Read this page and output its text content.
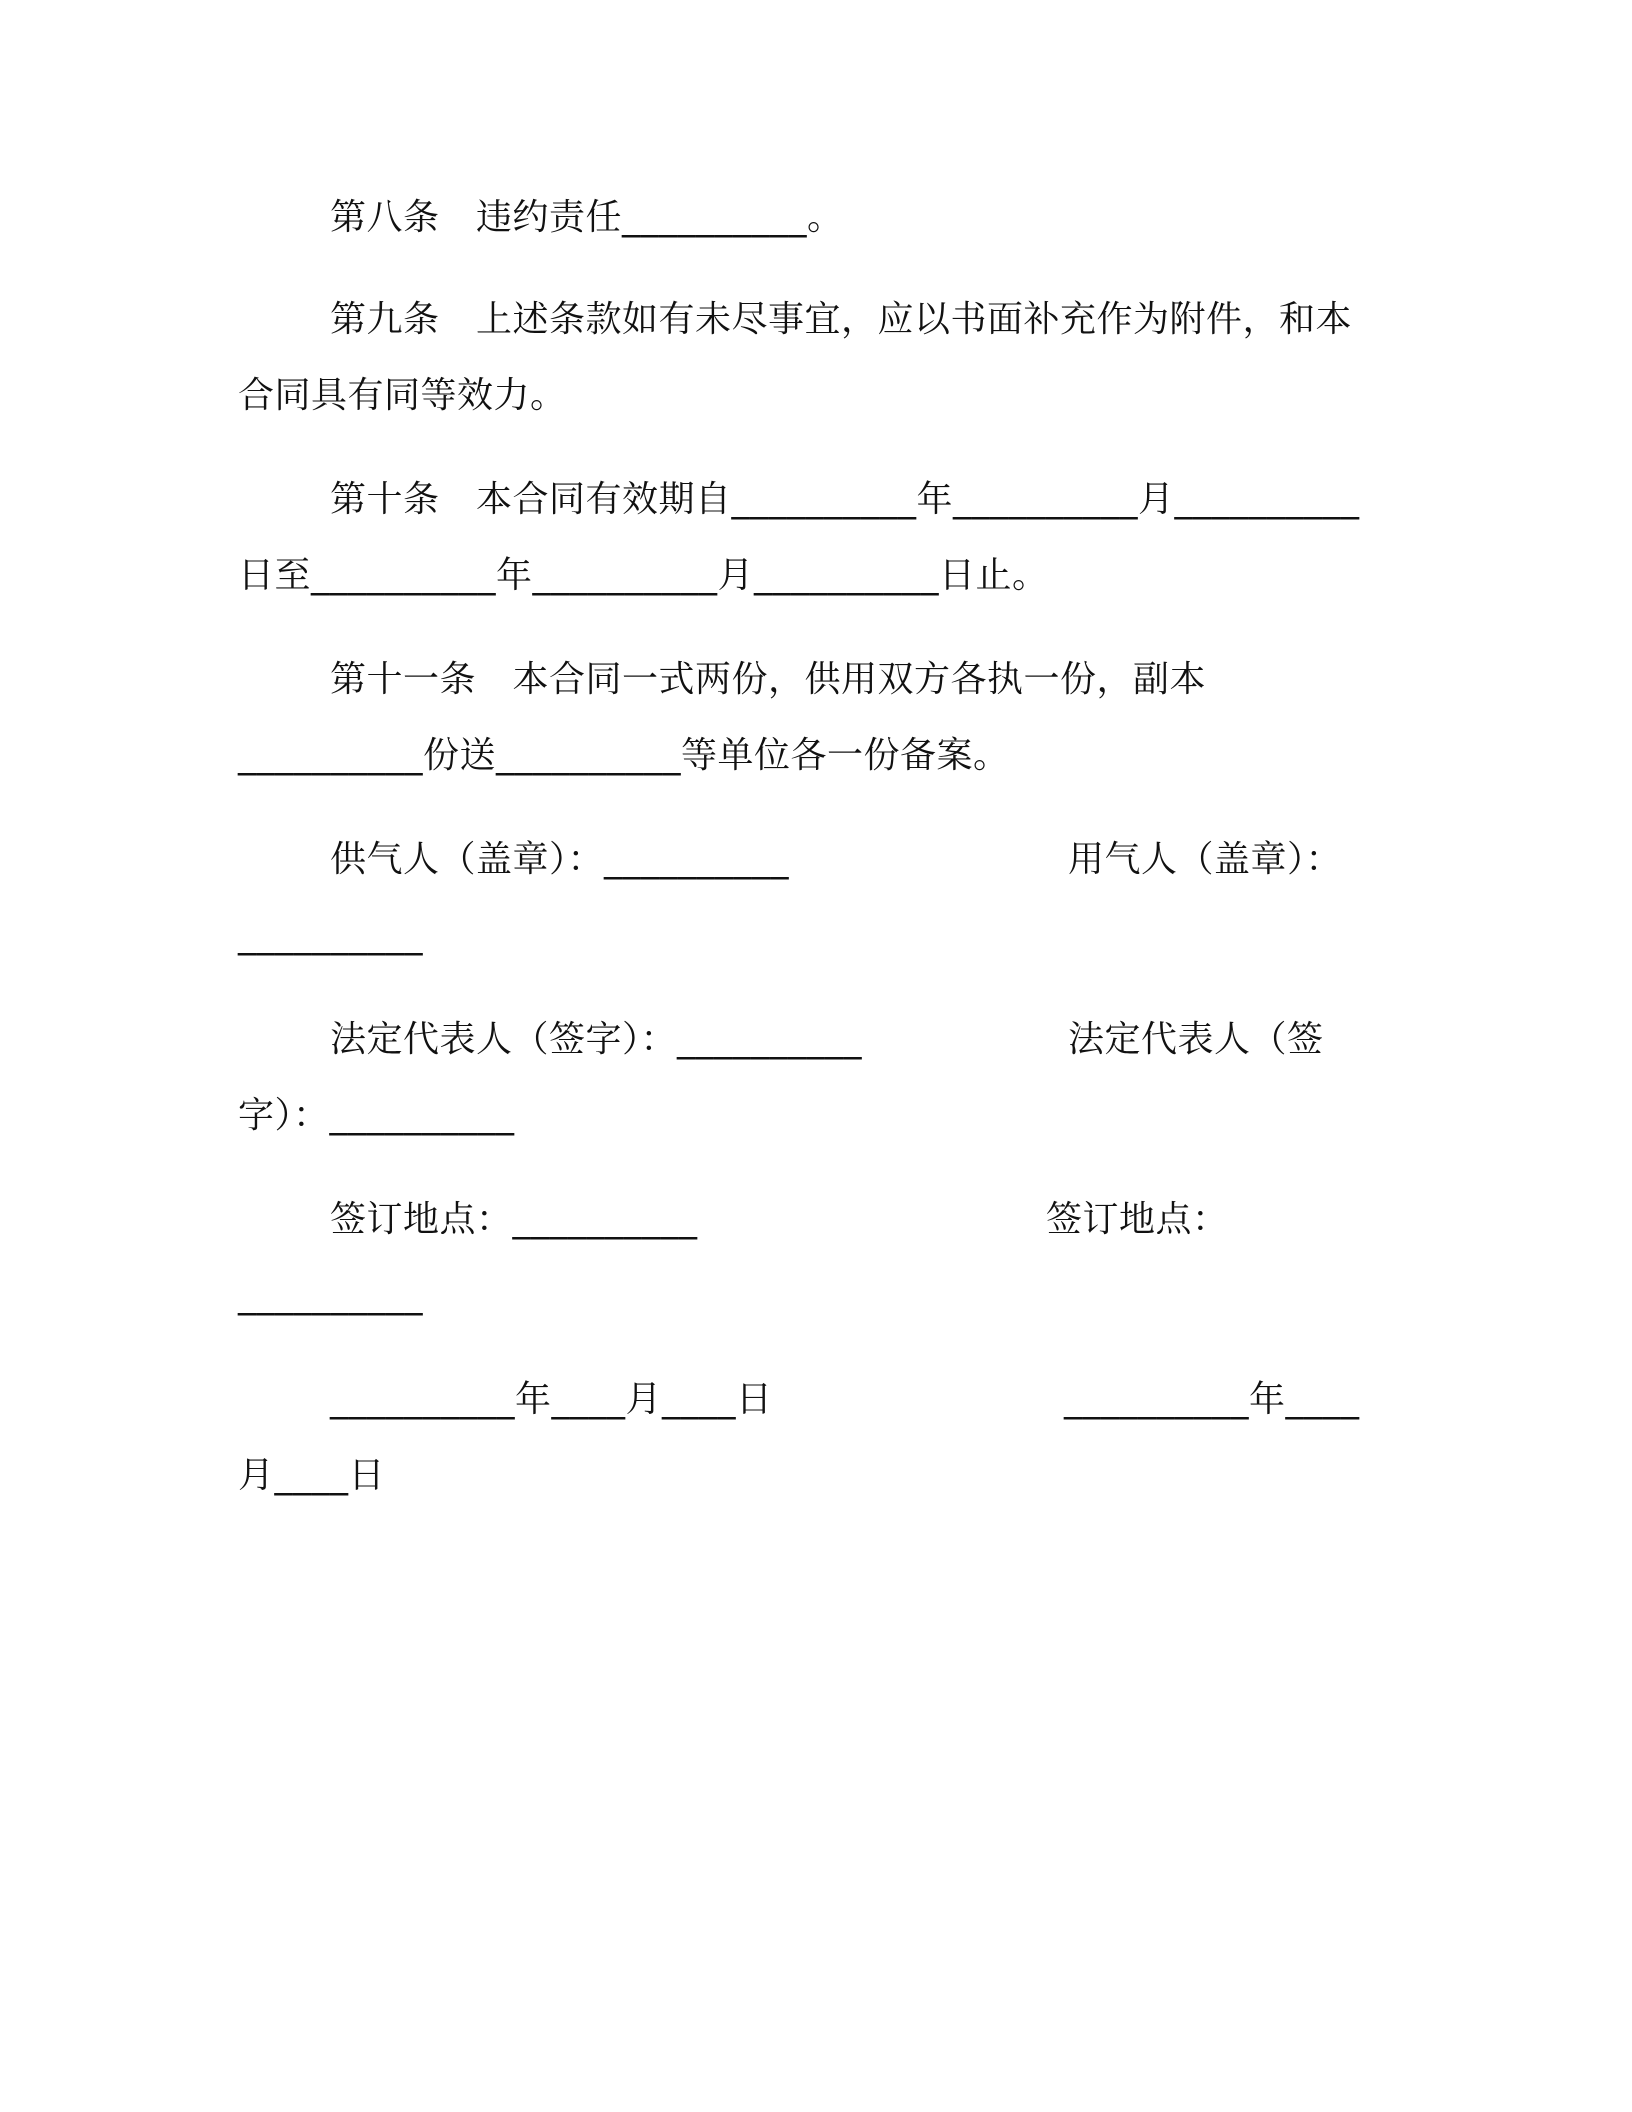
第八条　违约责任__________。
第九条　上述条款如有未尽事宜，应以书面补充作为附件，和本
合同具有同等效力。
第十条　本合同有效期自__________年__________月__________
日至__________年__________月__________日止。
第十一条　本合同一式两份，供用双方各执一份，副本
__________份送__________等单位各一份备案。
供气人（盖章）：__________	用气人（盖章）：
__________
法定代表人（签字）：__________	法定代表人（签
字）：__________
签订地点：__________	签订地点：
__________
__________年____月____日	__________年____
月____日
